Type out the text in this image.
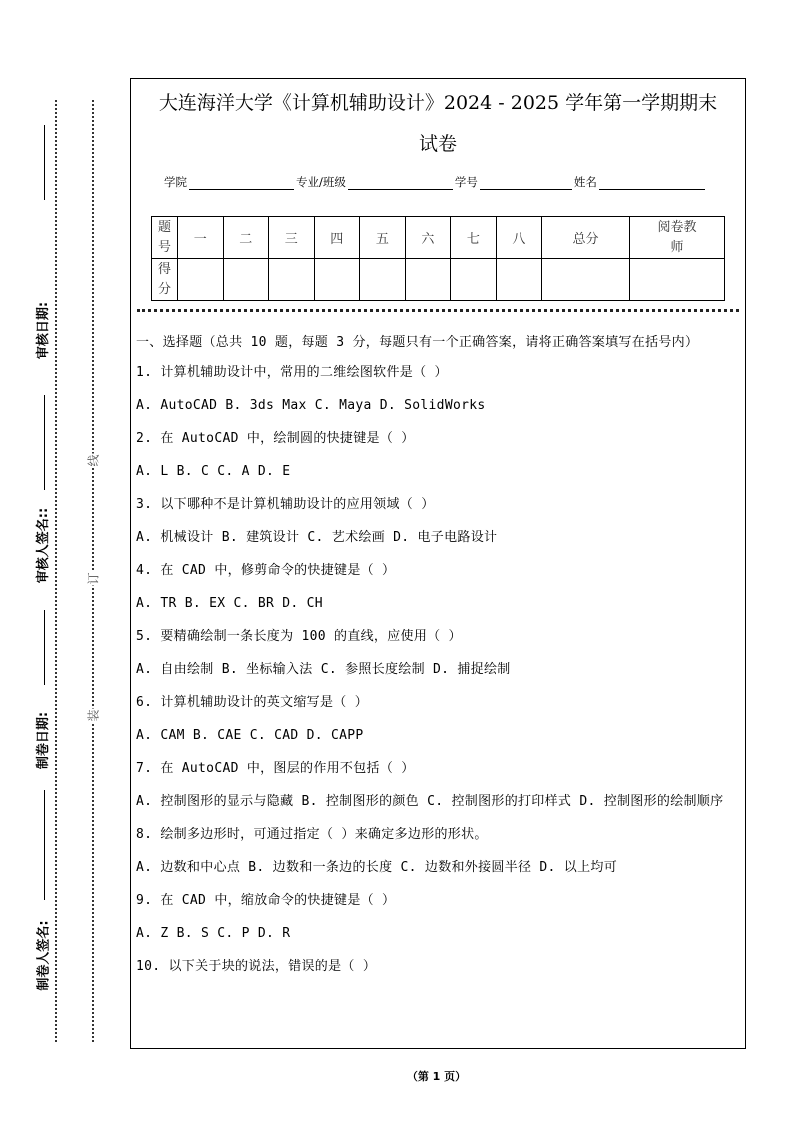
审核日期:
审核人签名::
制卷日期:
制卷人签名:
线
订
装
大连海洋大学《计算机辅助设计》2024 - 2025 学年第一学期期末
试卷
学院	专业/班级	学号	姓名
题号	一	二	三	四	五	六	七	八	总分	阅卷教师
得分										

一、选择题（总共 10 题，每题 3 分，每题只有一个正确答案，请将正确答案填写在括号内）

1. 计算机辅助设计中，常用的二维绘图软件是（ ）

A. AutoCAD B. 3ds Max C. Maya D. SolidWorks

2. 在 AutoCAD 中，绘制圆的快捷键是（ ）

A. L B. C C. A D. E

3. 以下哪种不是计算机辅助设计的应用领域（ ）

A. 机械设计 B. 建筑设计 C. 艺术绘画 D. 电子电路设计

4. 在 CAD 中，修剪命令的快捷键是（ ）

A. TR B. EX C. BR D. CH

5. 要精确绘制一条长度为 100 的直线，应使用（ ）

A. 自由绘制 B. 坐标输入法 C. 参照长度绘制 D. 捕捉绘制

6. 计算机辅助设计的英文缩写是（ ）

A. CAM B. CAE C. CAD D. CAPP

7. 在 AutoCAD 中，图层的作用不包括（ ）

A. 控制图形的显示与隐藏 B. 控制图形的颜色 C. 控制图形的打印样式 D. 控制图形的绘制顺序

8. 绘制多边形时，可通过指定（ ）来确定多边形的形状。

A. 边数和中心点 B. 边数和一条边的长度 C. 边数和外接圆半径 D. 以上均可

9. 在 CAD 中，缩放命令的快捷键是（ ）

A. Z B. S C. P D. R

10. 以下关于块的说法，错误的是（ ）

（第 1 页）
